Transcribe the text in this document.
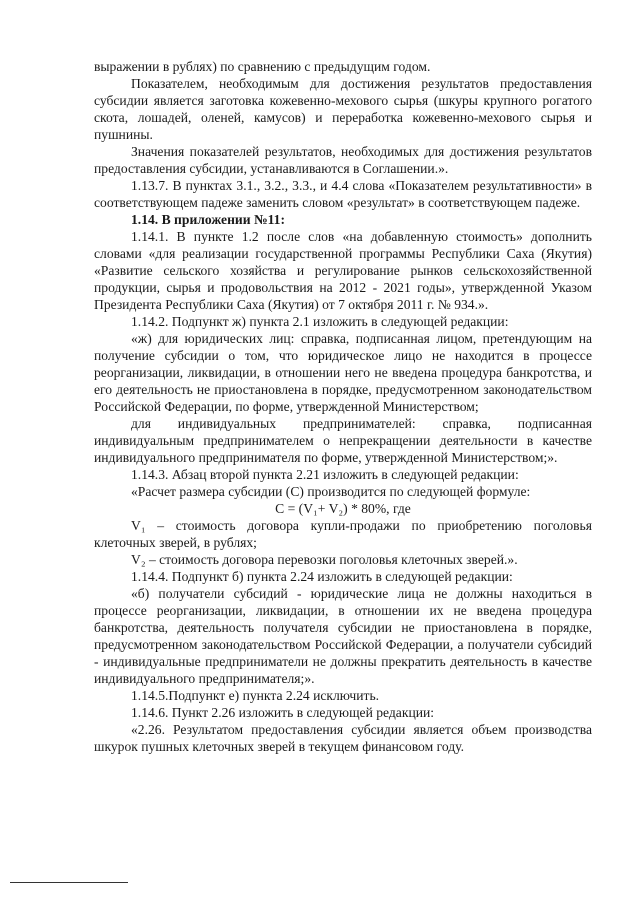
выражении в рублях) по сравнению с предыдущим годом.

Показателем, необходимым для достижения результатов предоставления субсидии является заготовка кожевенно-мехового сырья (шкуры крупного рогатого скота, лошадей, оленей, камусов) и переработка кожевенно-мехового сырья и пушнины.

Значения показателей результатов, необходимых для достижения результатов предоставления субсидии, устанавливаются в Соглашении.».

1.13.7. В пунктах 3.1., 3.2., 3.3., и 4.4 слова «Показателем результативности» в соответствующем падеже заменить словом «результат» в соответствующем падеже.

1.14. В приложении №11:

1.14.1. В пункте 1.2 после слов «на добавленную стоимость» дополнить словами «для реализации государственной программы Республики Саха (Якутия) «Развитие сельского хозяйства и регулирование рынков сельскохозяйственной продукции, сырья и продовольствия на 2012 - 2021 годы», утвержденной Указом Президента Республики Саха (Якутия) от 7 октября 2011 г. № 934.».

1.14.2. Подпункт ж) пункта 2.1 изложить в следующей редакции:

«ж) для юридических лиц: справка, подписанная лицом, претендующим на получение субсидии о том, что юридическое лицо не находится в процессе реорганизации, ликвидации, в отношении него не введена процедура банкротства, и его деятельность не приостановлена в порядке, предусмотренном законодательством Российской Федерации, по форме, утвержденной Министерством;

для индивидуальных предпринимателей: справка, подписанная индивидуальным предпринимателем о непрекращении деятельности в качестве индивидуального предпринимателя по форме, утвержденной Министерством;».

1.14.3. Абзац второй пункта 2.21 изложить в следующей редакции:

«Расчет размера субсидии (С) производится по следующей формуле:

С = (V₁+ V₂) * 80%, где

V₁ – стоимость договора купли-продажи по приобретению поголовья клеточных зверей, в рублях;

V₂ – стоимость договора перевозки поголовья клеточных зверей.».

1.14.4. Подпункт б) пункта 2.24 изложить в следующей редакции:

«б) получатели субсидий - юридические лица не должны находиться в процессе реорганизации, ликвидации, в отношении их не введена процедура банкротства, деятельность получателя субсидии не приостановлена в порядке, предусмотренном законодательством Российской Федерации, а получатели субсидий - индивидуальные предприниматели не должны прекратить деятельность в качестве индивидуального предпринимателя;».

1.14.5.Подпункт е) пункта 2.24 исключить.

1.14.6. Пункт 2.26 изложить в следующей редакции:

«2.26. Результатом предоставления субсидии является объем производства шкурок пушных клеточных зверей в текущем финансовом году.
